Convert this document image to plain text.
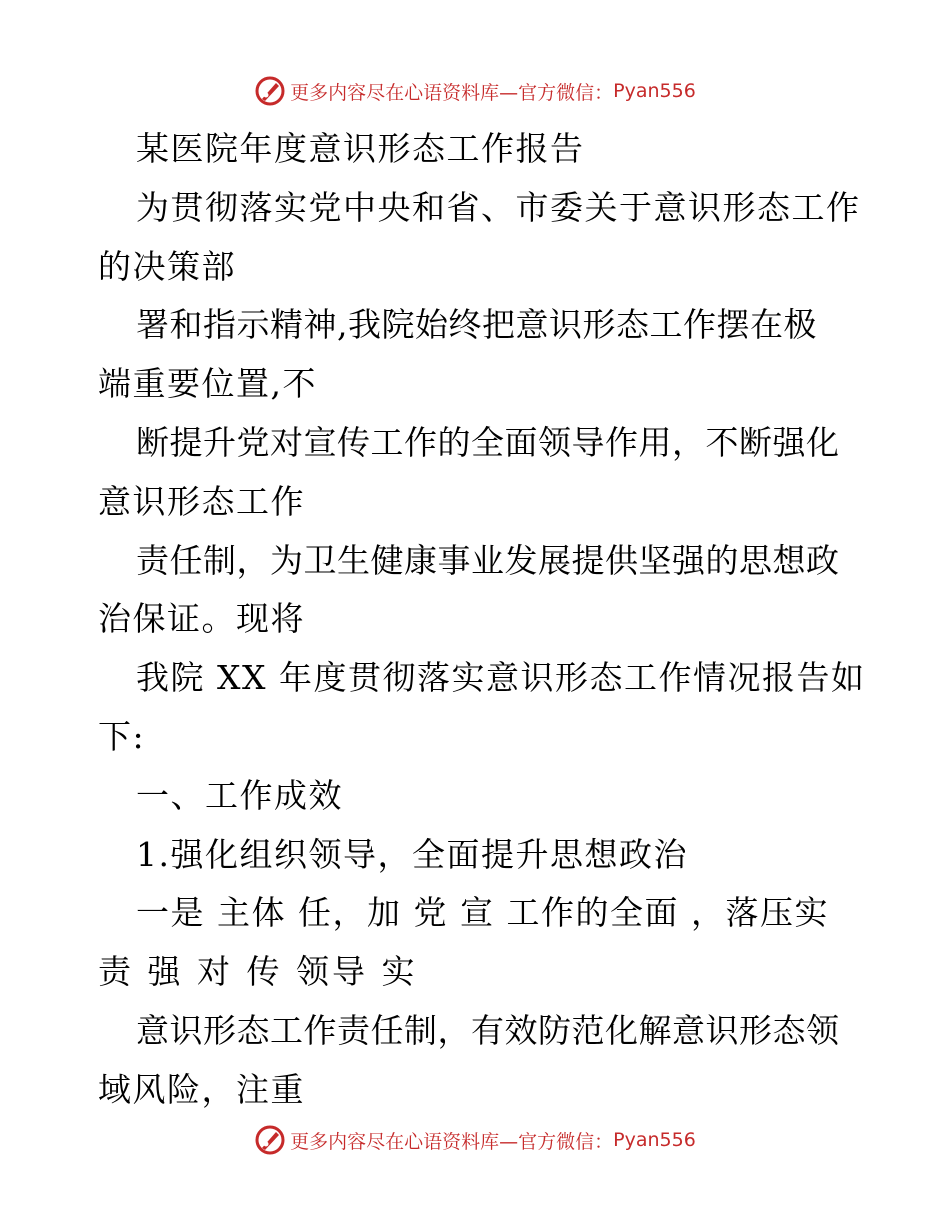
更多内容尽在心语资料库—官方微信： Pyan556
某医院年度意识形态工作报告
为贯彻落实党中央和省、市委关于意识形态工作
的决策部
署和指示精神,我院始终把意识形态工作摆在极
端重要位置,不
断提升党对宣传工作的全面领导作用，不断强化
意识形态工作
责任制，为卫生健康事业发展提供坚强的思想政
治保证。现将
我院 XX 年度贯彻落实意识形态工作情况报告如
下:
一、工作成效
1.强化组织领导，全面提升思想政治
一是 主体 任，加 党 宣 工作的全面 ，落压实
责 强 对 传 领导 实
意识形态工作责任制，有效防范化解意识形态领
域风险，注重
更多内容尽在心语资料库—官方微信： Pyan556
